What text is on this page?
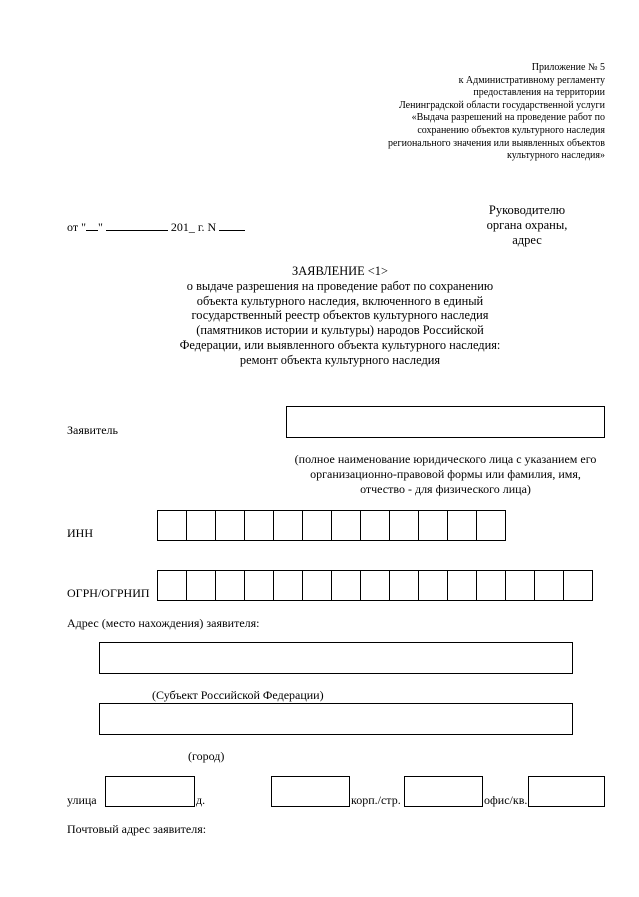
Приложение № 5
к Административному регламенту
предоставления на территории
Ленинградской области государственной услуги
«Выдача разрешений на проведение работ по
сохранению объектов культурного наследия
регионального значения или выявленных объектов
культурного наследия»
Руководителю
органа охраны,
адрес
от " "	201_ г. N
ЗАЯВЛЕНИЕ <1>
о выдаче разрешения на проведение работ по сохранению
объекта культурного наследия, включенного в единый
государственный реестр объектов культурного наследия
(памятников истории и культуры) народов Российской
Федерации, или выявленного объекта культурного наследия:
ремонт объекта культурного наследия
Заявитель
(полное наименование юридического лица с указанием его
организационно-правовой формы или фамилия, имя,
отчество - для физического лица)
ИНН
ОГРН/ОГРНИП
Адрес (место нахождения) заявителя:
(Субъект Российской Федерации)
(город)
улица	д.	корп./стр.	офис/кв.
Почтовый адрес заявителя:
